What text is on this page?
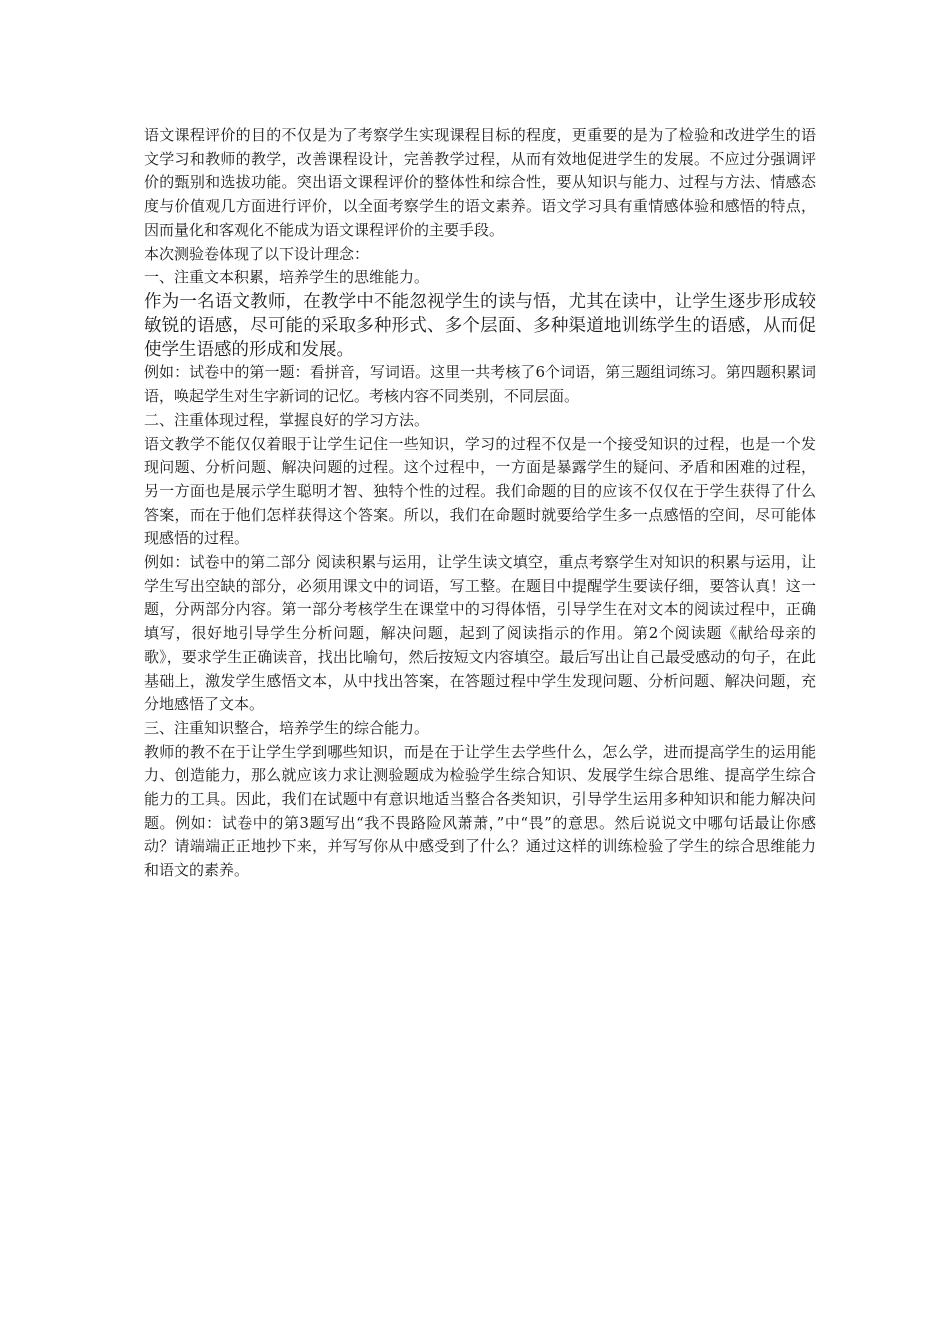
语文课程评价的目的不仅是为了考察学生实现课程目标的程度，更重要的是为了检验和改进学生的语文学习和教师的教学，改善课程设计，完善教学过程，从而有效地促进学生的发展。不应过分强调评价的甄别和选拔功能。突出语文课程评价的整体性和综合性，要从知识与能力、过程与方法、情感态度与价值观几方面进行评价，以全面考察学生的语文素养。语文学习具有重情感体验和感悟的特点，因而量化和客观化不能成为语文课程评价的主要手段。

本次测验卷体现了以下设计理念：

一、注重文本积累，培养学生的思维能力。

作为一名语文教师，在教学中不能忽视学生的读与悟，尤其在读中，让学生逐步形成较敏锐的语感，尽可能的采取多种形式、多个层面、多种渠道地训练学生的语感，从而促使学生语感的形成和发展。

例如：试卷中的第一题：看拼音，写词语。这里一共考核了6个词语，第三题组词练习。第四题积累词语，唤起学生对生字新词的记忆。考核内容不同类别，不同层面。

二、注重体现过程，掌握良好的学习方法。

语文教学不能仅仅着眼于让学生记住一些知识，学习的过程不仅是一个接受知识的过程，也是一个发现问题、分析问题、解决问题的过程。这个过程中，一方面是暴露学生的疑问、矛盾和困难的过程，另一方面也是展示学生聪明才智、独特个性的过程。我们命题的目的应该不仅仅在于学生获得了什么答案，而在于他们怎样获得这个答案。所以，我们在命题时就要给学生多一点感悟的空间，尽可能体现感悟的过程。

例如：试卷中的第二部分 阅读积累与运用，让学生读文填空，重点考察学生对知识的积累与运用，让学生写出空缺的部分，必须用课文中的词语，写工整。在题目中提醒学生要读仔细，要答认真！这一题，分两部分内容。第一部分考核学生在课堂中的习得体悟，引导学生在对文本的阅读过程中，正确填写，很好地引导学生分析问题，解决问题，起到了阅读指示的作用。第2个阅读题《献给母亲的歌》，要求学生正确读音，找出比喻句，然后按短文内容填空。最后写出让自己最受感动的句子，在此基础上，激发学生感悟文本，从中找出答案，在答题过程中学生发现问题、分析问题、解决问题，充分地感悟了文本。

三、注重知识整合，培养学生的综合能力。

教师的教不在于让学生学到哪些知识，而是在于让学生去学些什么，怎么学，进而提高学生的运用能力、创造能力，那么就应该力求让测验题成为检验学生综合知识、发展学生综合思维、提高学生综合能力的工具。因此，我们在试题中有意识地适当整合各类知识，引导学生运用多种知识和能力解决问题。例如：试卷中的第3题写出“我不畏路险风萧萧，”中“畏”的意思。然后说说文中哪句话最让你感动？请端端正正地抄下来，并写写你从中感受到了什么？通过这样的训练检验了学生的综合思维能力和语文的素养。
